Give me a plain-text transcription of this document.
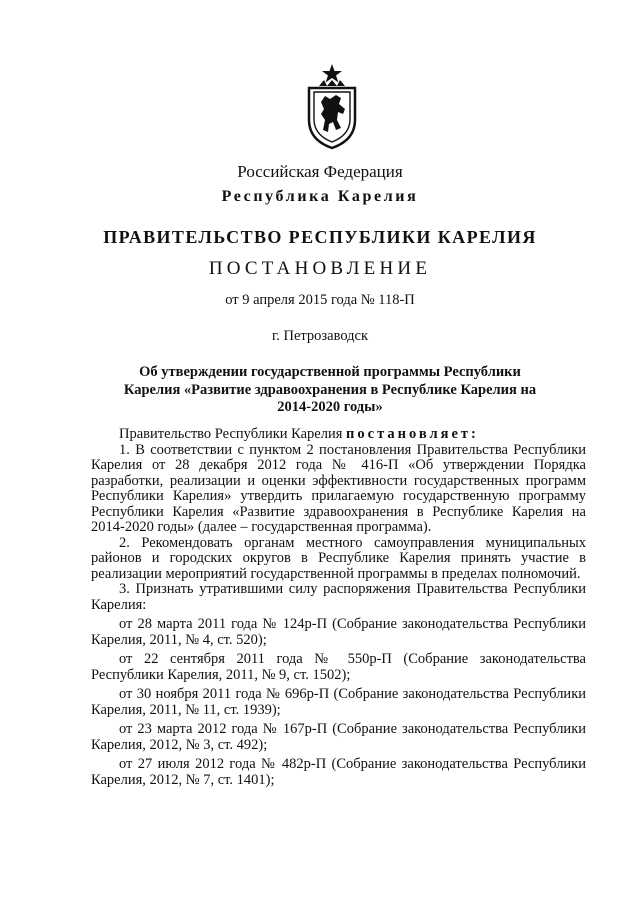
Российская Федерация
Республика Карелия
ПРАВИТЕЛЬСТВО РЕСПУБЛИКИ КАРЕЛИЯ
ПОСТАНОВЛЕНИЕ
от 9 апреля 2015 года № 118-П
г. Петрозаводск
Об утверждении государственной программы Республики Карелия «Развитие здравоохранения в Республике Карелия на 2014-2020 годы»

Правительство Республики Карелия постановляет:

1. В соответствии с пунктом 2 постановления Правительства Республики Карелия от 28 декабря 2012 года № 416-П «Об утверждении Порядка разработки, реализации и оценки эффективности государственных программ Республики Карелия» утвердить прилагаемую государственную программу Республики Карелия «Развитие здравоохранения в Республике Карелия на 2014-2020 годы» (далее – государственная программа).

2. Рекомендовать органам местного самоуправления муниципальных районов и городских округов в Республике Карелия принять участие в реализации мероприятий государственной программы в пределах полномочий.

3. Признать утратившими силу распоряжения Правительства Республики Карелия:

от 28 марта 2011 года № 124р-П (Собрание законодательства Республики Карелия, 2011, № 4, ст. 520);

от 22 сентября 2011 года № 550р-П (Собрание законодательства Республики Карелия, 2011, № 9, ст. 1502);

от 30 ноября 2011 года № 696р-П (Собрание законодательства Республики Карелия, 2011, № 11, ст. 1939);

от 23 марта 2012 года № 167р-П (Собрание законодательства Республики Карелия, 2012, № 3, ст. 492);

от 27 июля 2012 года № 482р-П (Собрание законодательства Республики Карелия, 2012, № 7, ст. 1401);
